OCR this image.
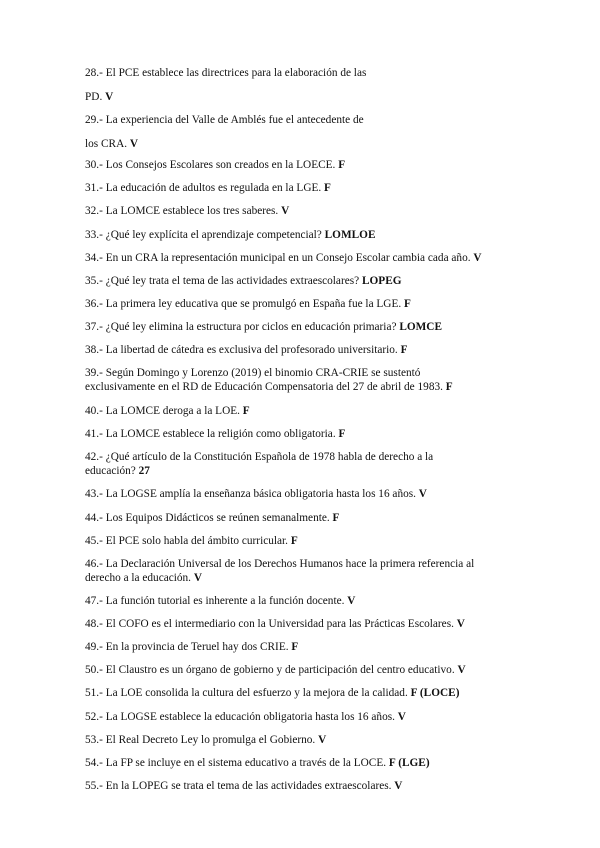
28.- El PCE establece las directrices para la elaboración de las
PD. V
29.- La experiencia del Valle de Amblés fue el antecedente de
los CRA. V
30.- Los Consejos Escolares son creados en la LOECE. F
31.- La educación de adultos es regulada en la LGE. F
32.- La LOMCE establece los tres saberes. V
33.- ¿Qué ley explícita el aprendizaje competencial? LOMLOE
34.- En un CRA la representación municipal en un Consejo Escolar cambia cada año. V
35.- ¿Qué ley trata el tema de las actividades extraescolares? LOPEG
36.- La primera ley educativa que se promulgó en España fue la LGE. F
37.- ¿Qué ley elimina la estructura por ciclos en educación primaria? LOMCE
38.- La libertad de cátedra es exclusiva del profesorado universitario. F
39.- Según Domingo y Lorenzo (2019) el binomio CRA-CRIE se sustentó
exclusivamente en el RD de Educación Compensatoria del 27 de abril de 1983. F
40.- La LOMCE deroga a la LOE. F
41.- La LOMCE establece la religión como obligatoria. F
42.- ¿Qué artículo de la Constitución Española de 1978 habla de derecho a la
educación? 27
43.- La LOGSE amplía la enseñanza básica obligatoria hasta los 16 años. V
44.- Los Equipos Didácticos se reúnen semanalmente. F
45.- El PCE solo habla del ámbito curricular. F
46.- La Declaración Universal de los Derechos Humanos hace la primera referencia al
derecho a la educación. V
47.- La función tutorial es inherente a la función docente. V
48.- El COFO es el intermediario con la Universidad para las Prácticas Escolares. V
49.- En la provincia de Teruel hay dos CRIE. F
50.- El Claustro es un órgano de gobierno y de participación del centro educativo. V
51.- La LOE consolida la cultura del esfuerzo y la mejora de la calidad. F (LOCE)
52.- La LOGSE establece la educación obligatoria hasta los 16 años. V
53.- El Real Decreto Ley lo promulga el Gobierno. V
54.- La FP se incluye en el sistema educativo a través de la LOCE. F (LGE)
55.- En la LOPEG se trata el tema de las actividades extraescolares. V
